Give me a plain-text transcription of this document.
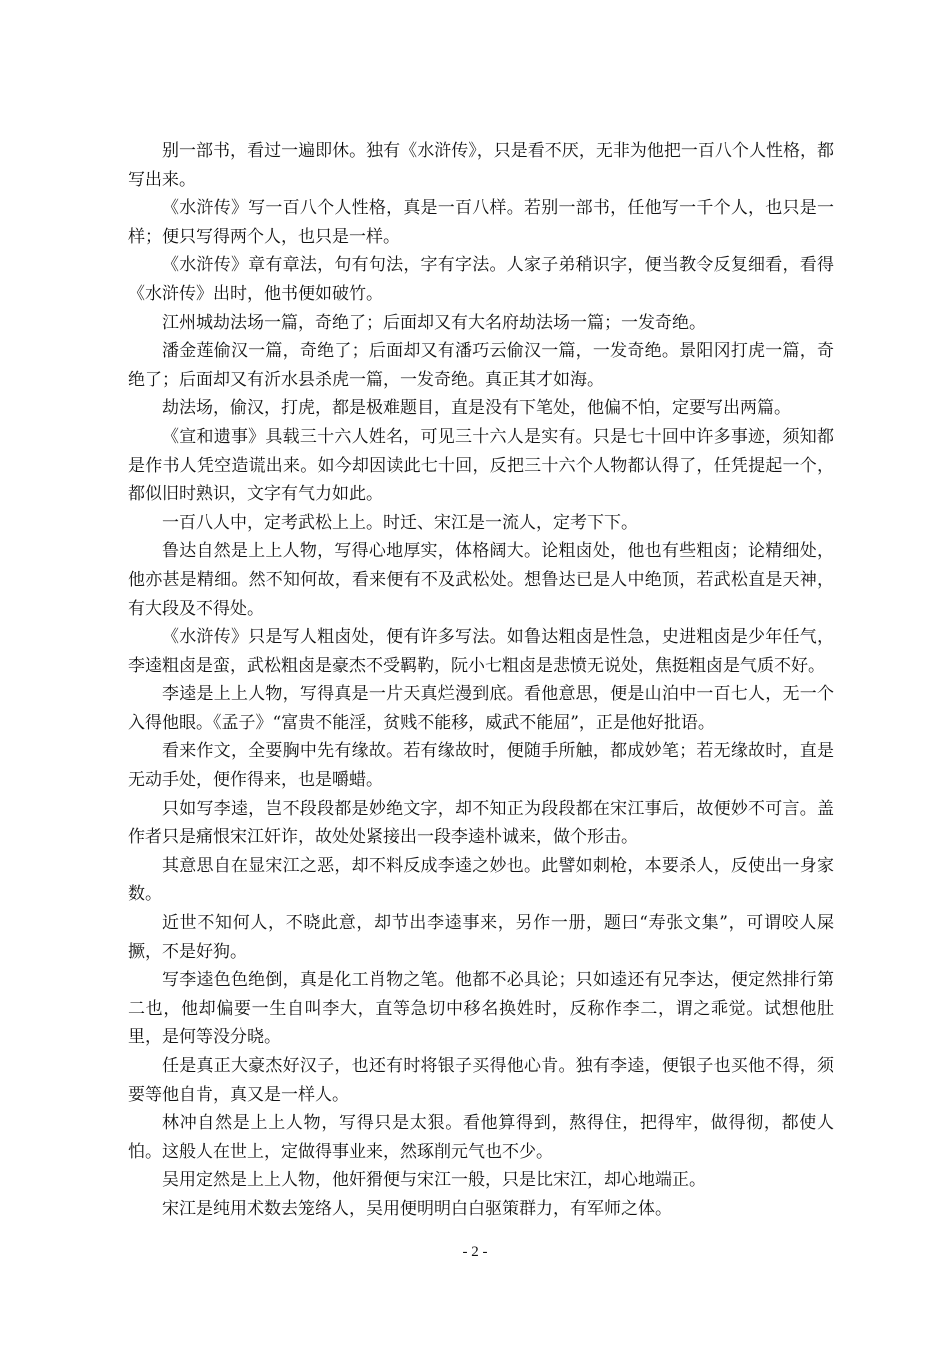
别一部书，看过一遍即休。独有《水浒传》，只是看不厌，无非为他把一百八个人性格，都写出来。

《水浒传》写一百八个人性格，真是一百八样。若别一部书，任他写一千个人，也只是一样；便只写得两个人，也只是一样。

《水浒传》章有章法，句有句法，字有字法。人家子弟稍识字，便当教令反复细看，看得《水浒传》出时，他书便如破竹。

江州城劫法场一篇，奇绝了；后面却又有大名府劫法场一篇；一发奇绝。

潘金莲偷汉一篇，奇绝了；后面却又有潘巧云偷汉一篇，一发奇绝。景阳冈打虎一篇，奇绝了；后面却又有沂水县杀虎一篇，一发奇绝。真正其才如海。

劫法场，偷汉，打虎，都是极难题目，直是没有下笔处，他偏不怕，定要写出两篇。

《宣和遗事》具载三十六人姓名，可见三十六人是实有。只是七十回中许多事迹，须知都是作书人凭空造谎出来。如今却因读此七十回，反把三十六个人物都认得了，任凭提起一个，都似旧时熟识，文字有气力如此。

一百八人中，定考武松上上。时迁、宋江是一流人，定考下下。

鲁达自然是上上人物，写得心地厚实，体格阔大。论粗卤处，他也有些粗卤；论精细处，他亦甚是精细。然不知何故，看来便有不及武松处。想鲁达已是人中绝顶，若武松直是天神，有大段及不得处。

《水浒传》只是写人粗卤处，便有许多写法。如鲁达粗卤是性急，史进粗卤是少年任气，李逵粗卤是蛮，武松粗卤是豪杰不受羁靮，阮小七粗卤是悲愤无说处，焦挺粗卤是气质不好。

李逵是上上人物，写得真是一片天真烂漫到底。看他意思，便是山泊中一百七人，无一个入得他眼。《孟子》“富贵不能淫，贫贱不能移，威武不能屈”，正是他好批语。

看来作文，全要胸中先有缘故。若有缘故时，便随手所触，都成妙笔；若无缘故时，直是无动手处，便作得来，也是嚼蜡。

只如写李逵，岂不段段都是妙绝文字，却不知正为段段都在宋江事后，故便妙不可言。盖作者只是痛恨宋江奸诈，故处处紧接出一段李逵朴诚来，做个形击。

其意思自在显宋江之恶，却不料反成李逵之妙也。此譬如刺枪，本要杀人，反使出一身家数。

近世不知何人，不晓此意，却节出李逵事来，另作一册，题曰“寿张文集”，可谓咬人屎撅，不是好狗。

写李逵色色绝倒，真是化工肖物之笔。他都不必具论；只如逵还有兄李达，便定然排行第二也，他却偏要一生自叫李大，直等急切中移名换姓时，反称作李二，谓之乖觉。试想他肚里，是何等没分晓。

任是真正大豪杰好汉子，也还有时将银子买得他心肯。独有李逵，便银子也买他不得，须要等他自肯，真又是一样人。

林冲自然是上上人物，写得只是太狠。看他算得到，熬得住，把得牢，做得彻，都使人怕。这般人在世上，定做得事业来，然琢削元气也不少。

吴用定然是上上人物，他奸猾便与宋江一般，只是比宋江，却心地端正。

宋江是纯用术数去笼络人，吴用便明明白白驱策群力，有军师之体。

- 2 -
